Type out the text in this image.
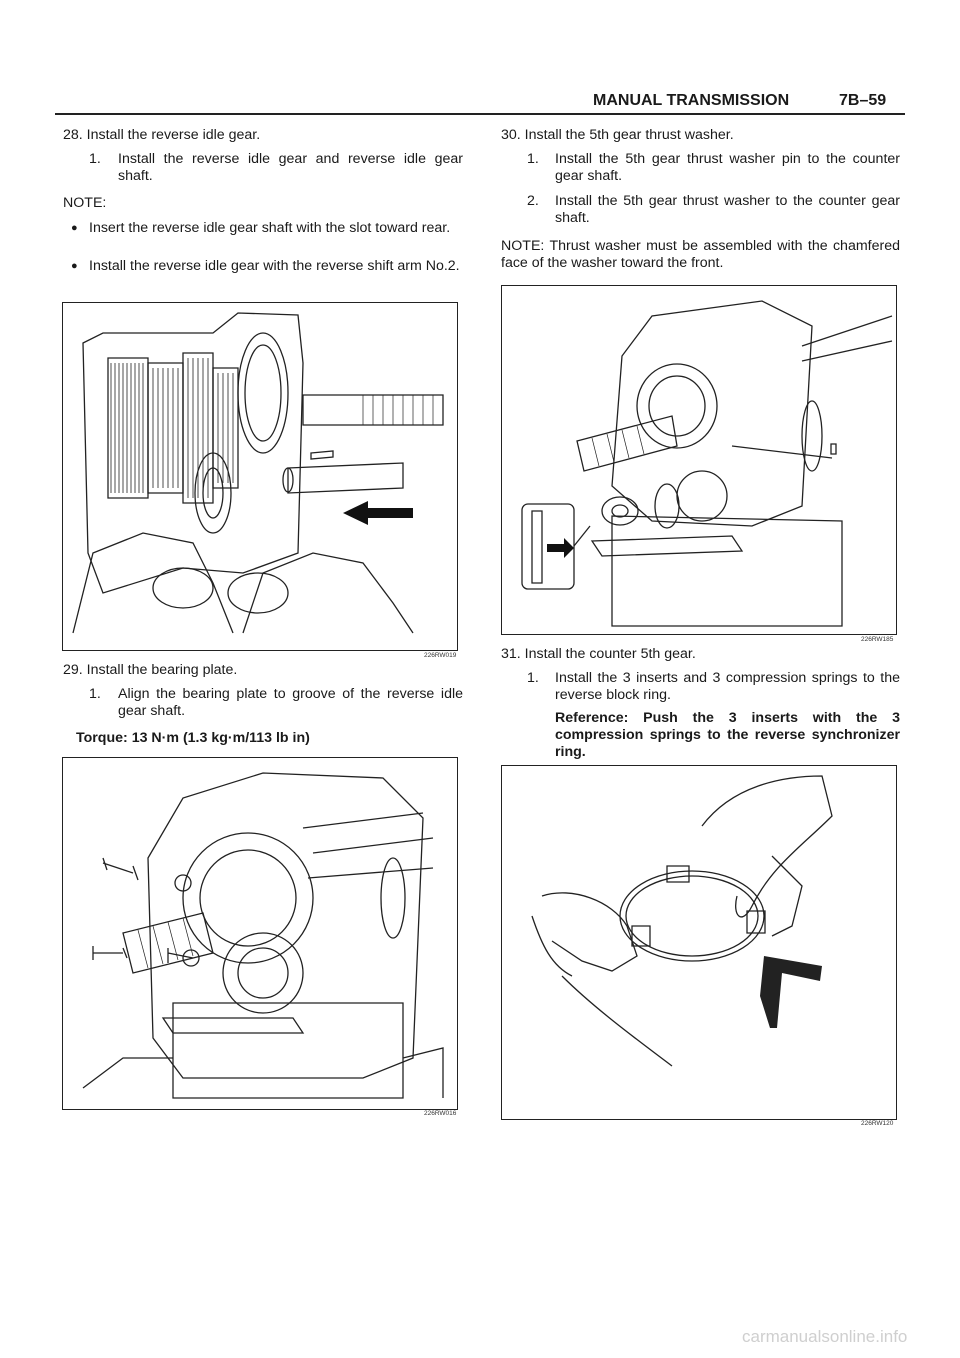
MANUAL TRANSMISSION	7B–59
28. Install the reverse idle gear.
1. Install the reverse idle gear and reverse idle gear shaft.
NOTE:
● Insert the reverse idle gear shaft with the slot toward rear.
● Install the reverse idle gear with the reverse shift arm No.2.
226RW019
29. Install the bearing plate.
1. Align the bearing plate to groove of the reverse idle gear shaft.
Torque: 13 N·m (1.3 kg·m/113 lb in)
226RW016
30. Install the 5th gear thrust washer.
1. Install the 5th gear thrust washer pin to the counter gear shaft.
2. Install the 5th gear thrust washer to the counter gear shaft.
NOTE: Thrust washer must be assembled with the chamfered face of the washer toward the front.
226RW185
31. Install the counter 5th gear.
1. Install the 3 inserts and 3 compression springs to the reverse block ring.
Reference: Push the 3 inserts with the 3 compression springs to the reverse synchronizer ring.
226RW120
carmanualsonline.info
